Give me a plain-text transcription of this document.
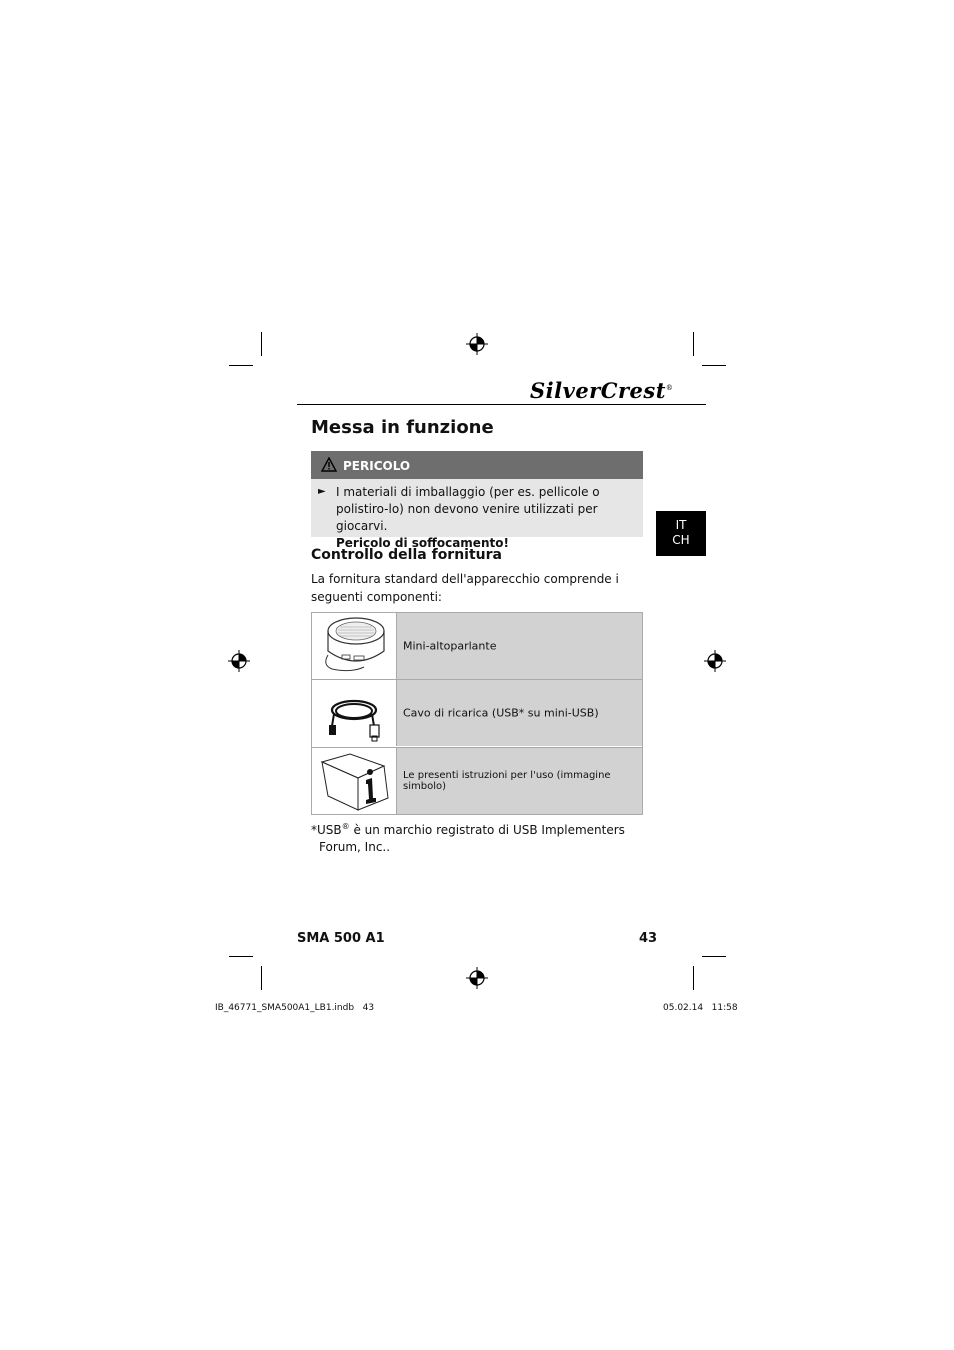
SilverCrest®
Messa in funzione
PERICOLO
► I materiali di imballaggio (per es. pellicole o polistiro-lo) non devono venire utilizzati per giocarvi.
Pericolo di soffocamento!
IT
CH
Controllo della fornitura
La fornitura standard dell'apparecchio comprende i seguenti componenti:
Mini-altoparlante
Cavo di ricarica (USB* su mini-USB)
Le presenti istruzioni per l'uso (immagine simbolo)
*USB® è un marchio registrato di USB Implementers
Forum, Inc..
SMA 500 A1	43
IB_46771_SMA500A1_LB1.indb   43	05.02.14   11:58
